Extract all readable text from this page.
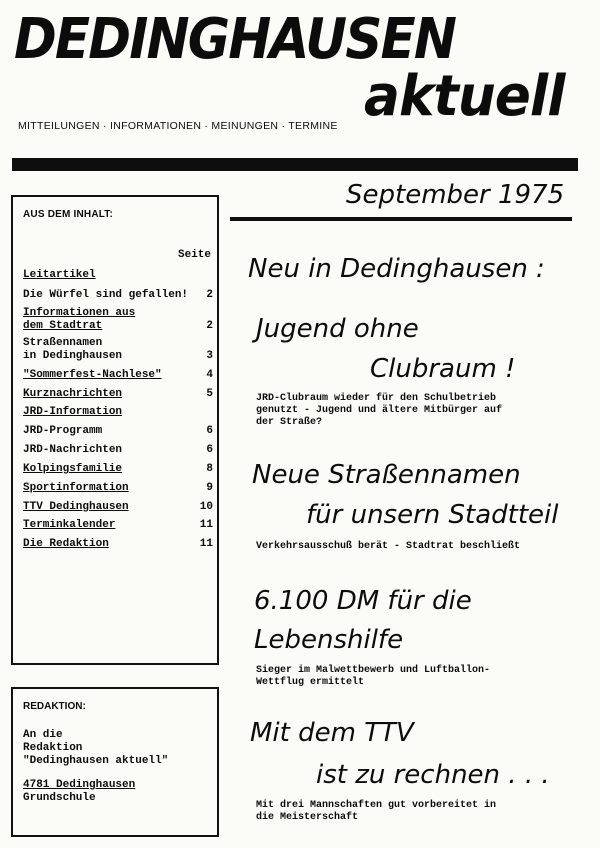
DEDINGHAUSEN
aktuell
MITTEILUNGEN · INFORMATIONEN · MEINUNGEN · TERMINE
September 1975
AUS DEM INHALT:
Seite
Leitartikel
Die Würfel sind gefallen!	2
Informationen aus
dem Stadtrat	2
Straßennamen
in Dedinghausen	3
"Sommerfest-Nachlese"	4
Kurznachrichten	5
JRD-Information
JRD-Programm	6
JRD-Nachrichten	6
Kolpingsfamilie	8
Sportinformation	9
TTV Dedinghausen	10
Terminkalender	11
Die Redaktion	11
REDAKTION:
An die
Redaktion
"Dedinghausen aktuell"
4781 Dedinghausen
Grundschule
Neu in Dedinghausen :
Jugend ohne
Clubraum !
JRD-Clubraum wieder für den Schulbetrieb
genutzt - Jugend und ältere Mitbürger auf
der Straße?
Neue Straßennamen
für unsern Stadtteil
Verkehrsausschuß berät - Stadtrat beschließt
6.100 DM für die
Lebenshilfe
Sieger im Malwettbewerb und Luftballon-
Wettflug ermittelt
Mit dem TTV
ist zu rechnen . . .
Mit drei Mannschaften gut vorbereitet in
die Meisterschaft
